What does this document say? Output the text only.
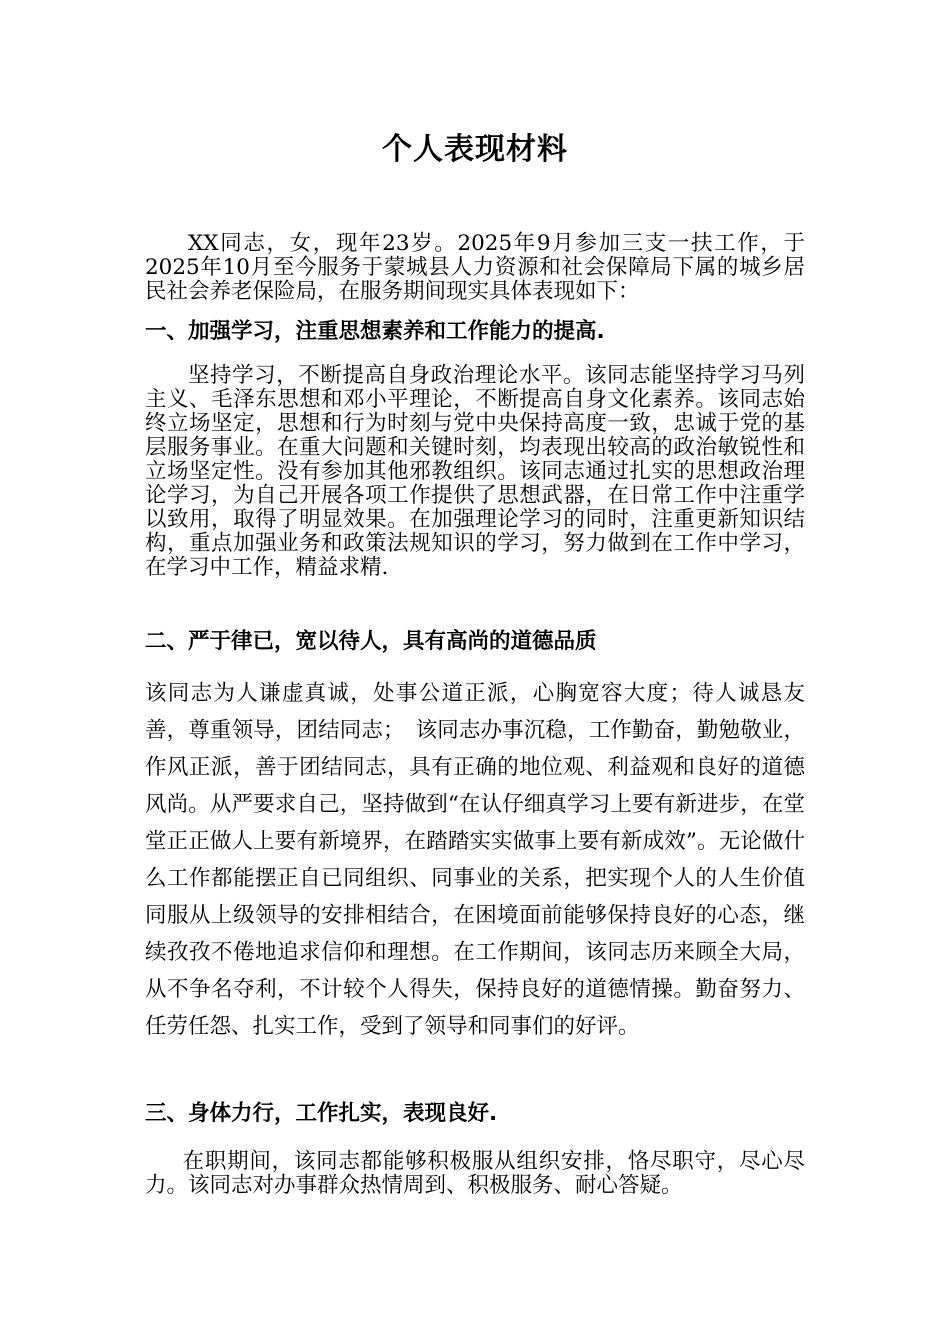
个人表现材料
XX同志，女，现年23岁。2025年9月参加三支一扶工作，于2025年10月至今服务于蒙城县人力资源和社会保障局下属的城乡居民社会养老保险局，在服务期间现实具体表现如下：
一、加强学习，注重思想素养和工作能力的提高.
坚持学习，不断提高自身政治理论水平。该同志能坚持学习马列主义、毛泽东思想和邓小平理论，不断提高自身文化素养。该同志始终立场坚定，思想和行为时刻与党中央保持高度一致，忠诚于党的基层服务事业。在重大问题和关键时刻，均表现出较高的政治敏锐性和立场坚定性。没有参加其他邪教组织。该同志通过扎实的思想政治理论学习，为自己开展各项工作提供了思想武器，在日常工作中注重学以致用，取得了明显效果。在加强理论学习的同时，注重更新知识结构，重点加强业务和政策法规知识的学习，努力做到在工作中学习，在学习中工作，精益求精.
二、严于律已，宽以待人，具有高尚的道德品质
该同志为人谦虚真诚，处事公道正派，心胸宽容大度；待人诚恳友善，尊重领导，团结同志；　该同志办事沉稳，工作勤奋，勤勉敬业，作风正派，善于团结同志，具有正确的地位观、利益观和良好的道德风尚。从严要求自己，坚持做到“在认仔细真学习上要有新进步，在堂堂正正做人上要有新境界，在踏踏实实做事上要有新成效”。无论做什么工作都能摆正自已同组织、同事业的关系，把实现个人的人生价值同服从上级领导的安排相结合，在困境面前能够保持良好的心态，继续孜孜不倦地追求信仰和理想。在工作期间，该同志历来顾全大局，从不争名夺利，不计较个人得失，保持良好的道德情操。勤奋努力、任劳任怨、扎实工作，受到了领导和同事们的好评。
三、身体力行，工作扎实，表现良好.
在职期间，该同志都能够积极服从组织安排，恪尽职守，尽心尽力。该同志对办事群众热情周到、积极服务、耐心答疑。
